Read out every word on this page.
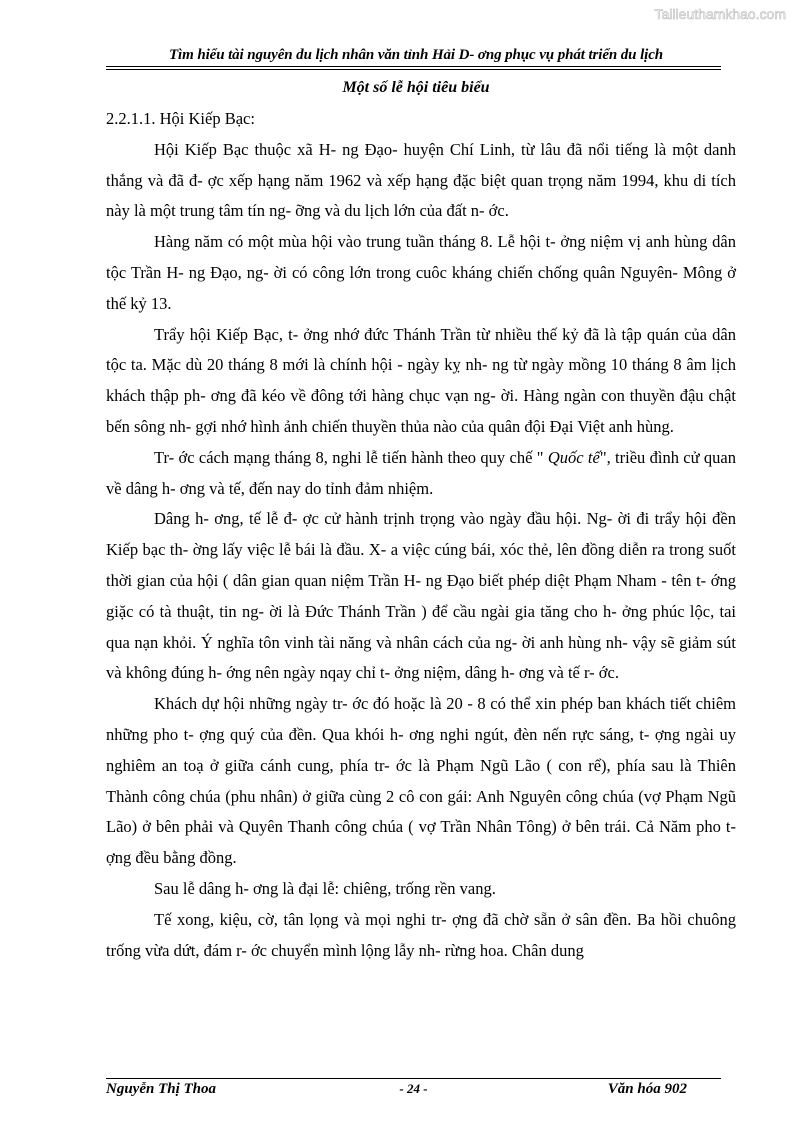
Tailieuthamkhao.com
Tìm hiểu tài nguyên du lịch nhân văn tỉnh Hải D- ơng phục vụ phát triển du lịch
Một số lễ hội tiêu biểu

2.2.1.1. Hội Kiếp Bạc:

Hội Kiếp Bạc thuộc xã H- ng Đạo- huyện Chí Linh, từ lâu đã nổi tiếng là một danh thắng và đã đ- ợc xếp hạng năm 1962 và xếp hạng đặc biệt quan trọng năm 1994, khu di tích này là một trung tâm tín ng- ỡng và du lịch lớn của đất n- ớc.

Hàng năm có một mùa hội vào trung tuần tháng 8. Lễ hội t- ởng niệm vị anh hùng dân tộc Trần H- ng Đạo, ng- ời có công lớn trong cuôc kháng chiến chống quân Nguyên- Mông ở thế kỷ 13.

Trẩy hội Kiếp Bạc, t- ởng nhớ đức Thánh Trần từ nhiều thế kỷ đã là tập quán của dân tộc ta. Mặc dù 20 tháng 8 mới là chính hội - ngày kỵ nh- ng từ ngày mồng 10 tháng 8 âm lịch khách thập ph- ơng đã kéo về đông tới hàng chục vạn ng- ời. Hàng ngàn con thuyền đậu chật bến sông nh- gợi nhớ hình ảnh chiến thuyền thủa nào của quân đội Đại Việt anh hùng.

Tr- ớc cách mạng tháng 8, nghi lễ tiến hành theo quy chế " Quốc tế", triều đình cử quan về dâng h- ơng và tế, đến nay do tỉnh đảm nhiệm.

Dâng h- ơng, tế lễ đ- ợc cử hành trịnh trọng vào ngày đầu hội. Ng- ời đi trẩy hội đền Kiếp bạc th- ờng lấy việc lễ bái là đầu. X- a việc cúng bái, xóc thẻ, lên đồng diễn ra trong suốt thời gian của hội ( dân gian quan niệm Trần H- ng Đạo biết phép diệt Phạm Nham - tên t- ớng giặc có tà thuật, tin ng- ời là Đức Thánh Trần ) để cầu ngài gia tăng cho h- ởng phúc lộc, tai qua nạn khỏi. Ý nghĩa tôn vinh tài năng và nhân cách của ng- ời anh hùng nh- vậy sẽ giảm sút và không đúng h- ớng nên ngày nqay chỉ t- ởng niệm, dâng h- ơng và tế r- ớc.

Khách dự hội những ngày tr- ớc đó hoặc là 20 - 8 có thể xin phép ban khách tiết chiêm những pho t- ợng quý của đền. Qua khói h- ơng nghi ngút, đèn nến rực sáng, t- ợng ngài uy nghiêm an toạ ở giữa cánh cung, phía tr- ớc là Phạm Ngũ Lão ( con rể), phía sau là Thiên Thành công chúa (phu nhân) ở giữa cùng 2 cô con gái: Anh Nguyên công chúa (vợ Phạm Ngũ Lão) ở bên phải và Quyên Thanh công chúa ( vợ Trần Nhân Tông) ở bên trái. Cả Năm pho t- ợng đều bằng đồng.

Sau lễ dâng h- ơng là đại lễ: chiêng, trống rền vang.

Tế xong, kiệu, cờ, tân lọng và mọi nghi tr- ợng đã chờ sẵn ở sân đền. Ba hồi chuông trống vừa dứt, đám r- ớc chuyển mình lộng lẫy nh- rừng hoa. Chân dung

Nguyễn Thị Thoa	- 24 -	Văn hóa 902
